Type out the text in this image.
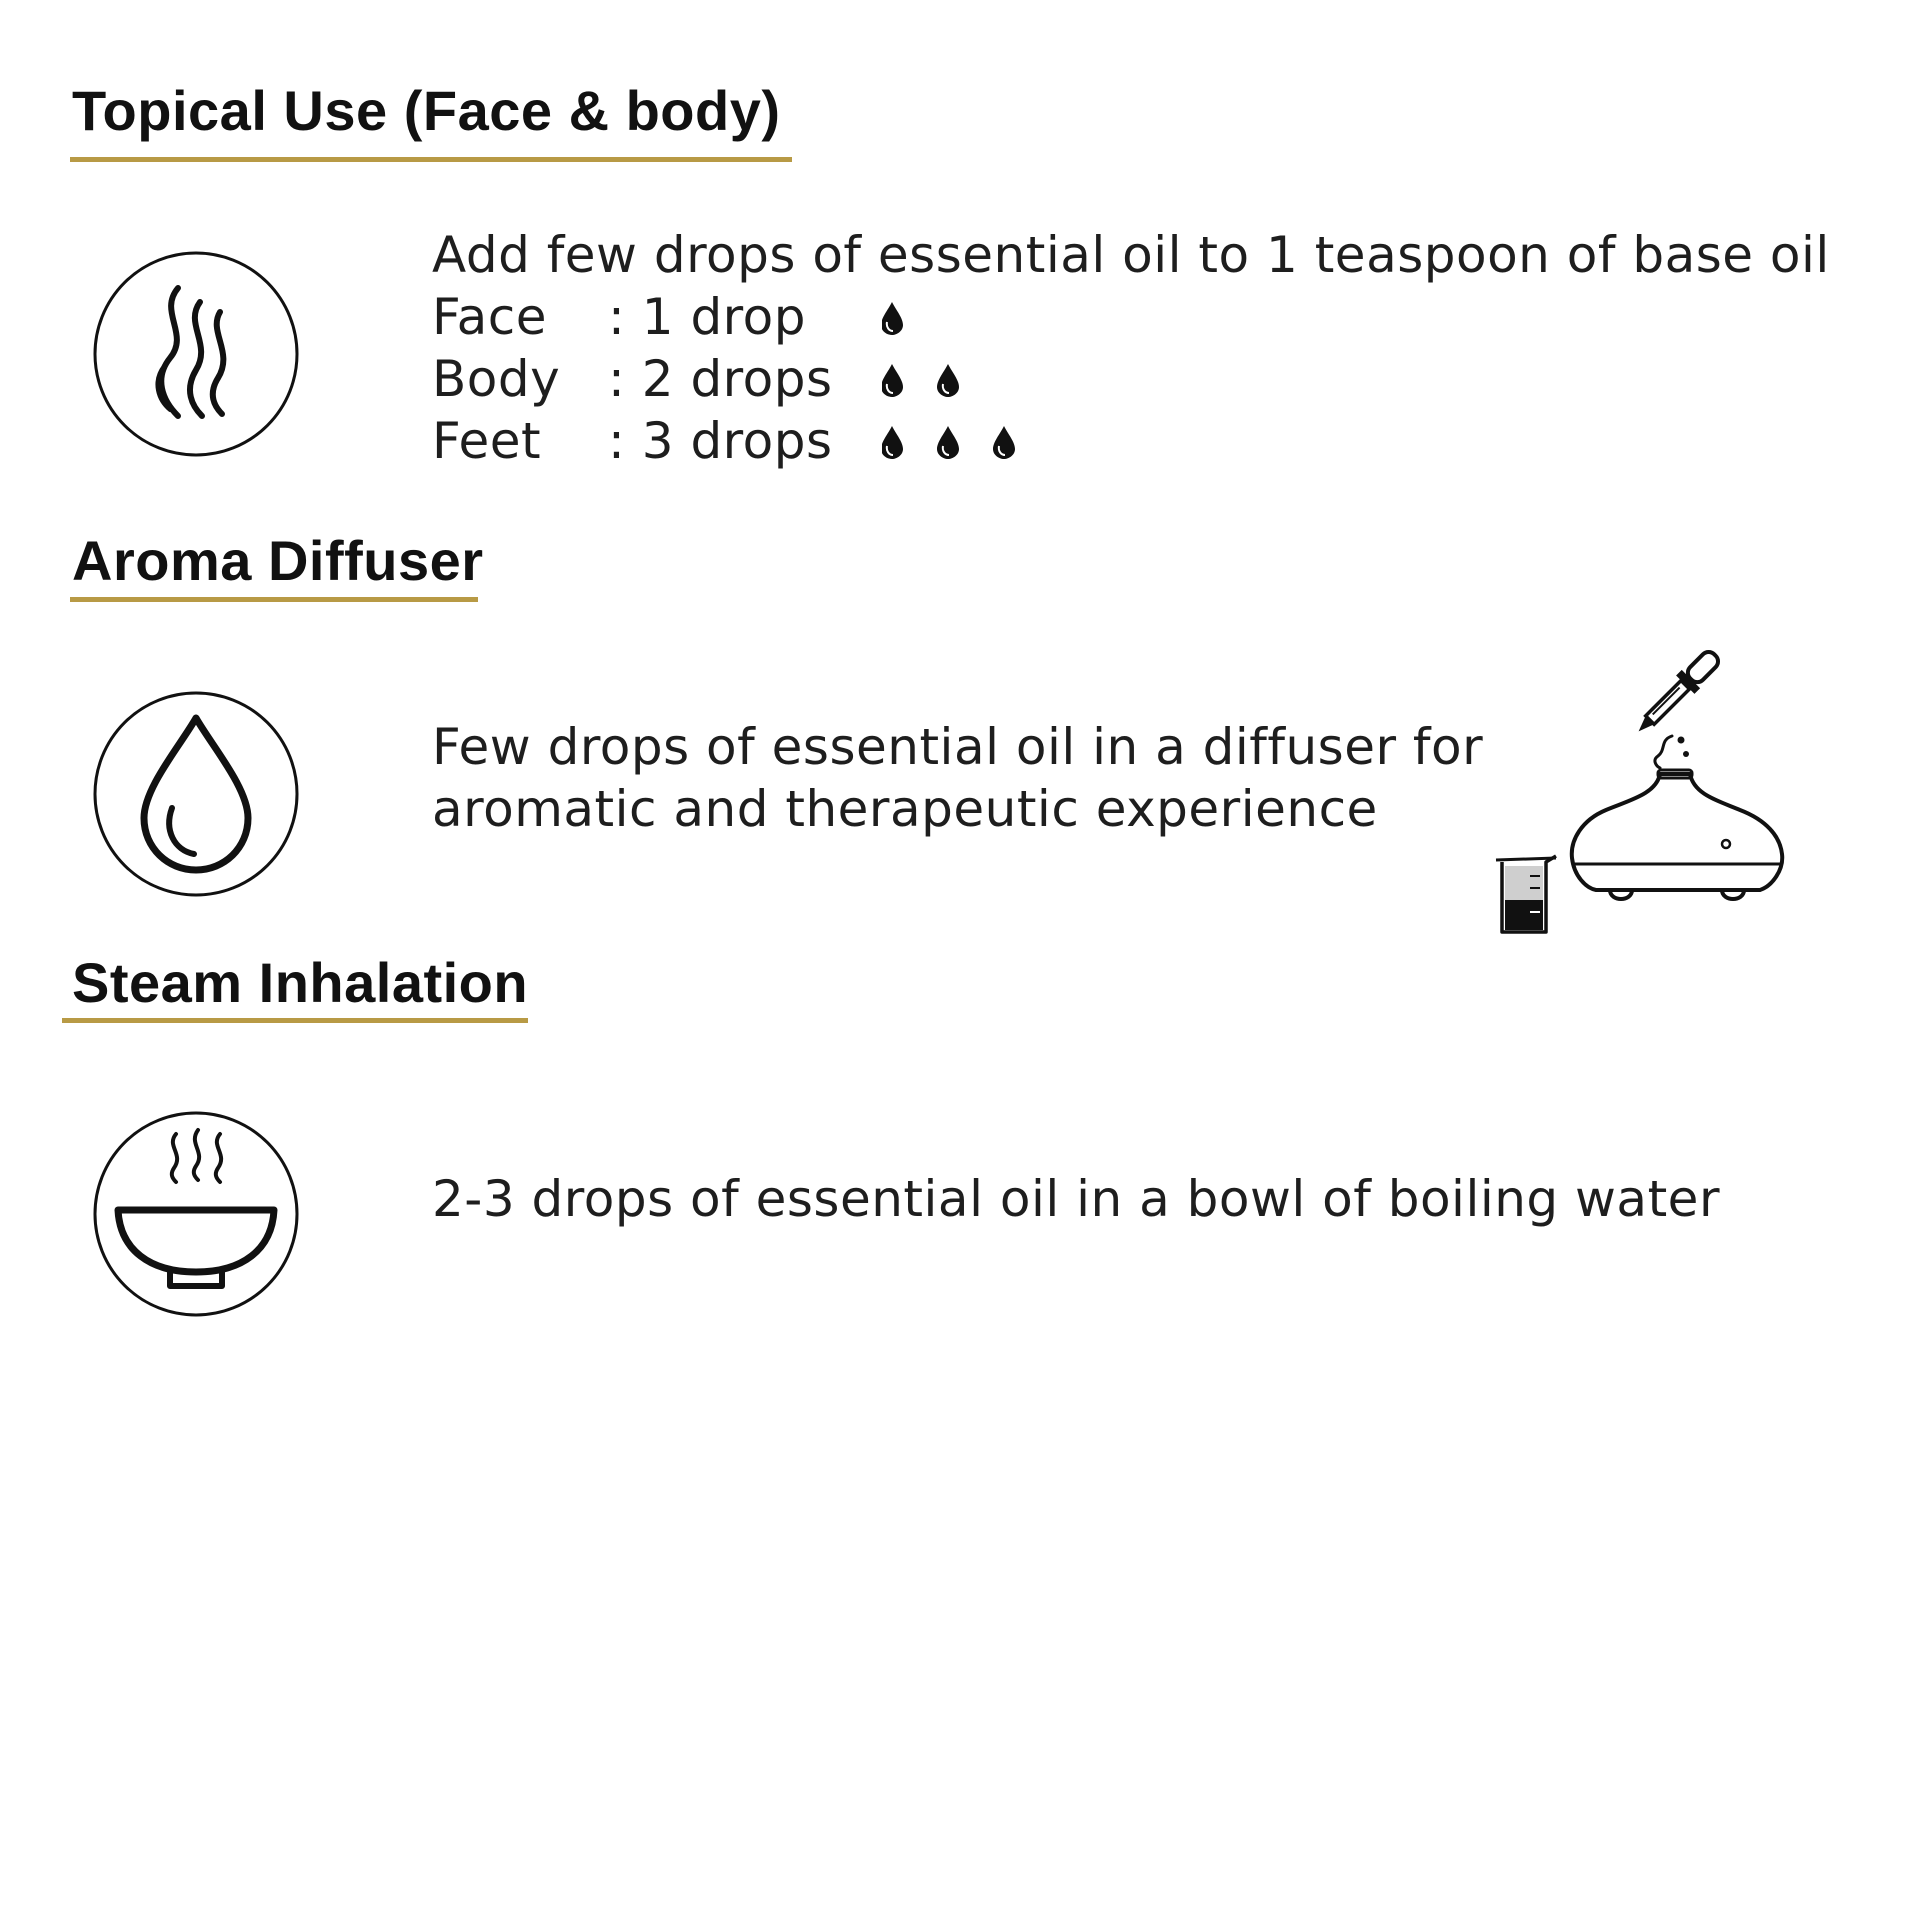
Topical Use (Face & body)
Add few drops of essential oil to 1 teaspoon of base oil
Face : 1 drop
Body : 2 drops
Feet : 3 drops
Aroma Diffuser
Few drops of essential oil in a diffuser for
aromatic and therapeutic experience
Steam Inhalation
2-3 drops of essential oil in a bowl of boiling water
